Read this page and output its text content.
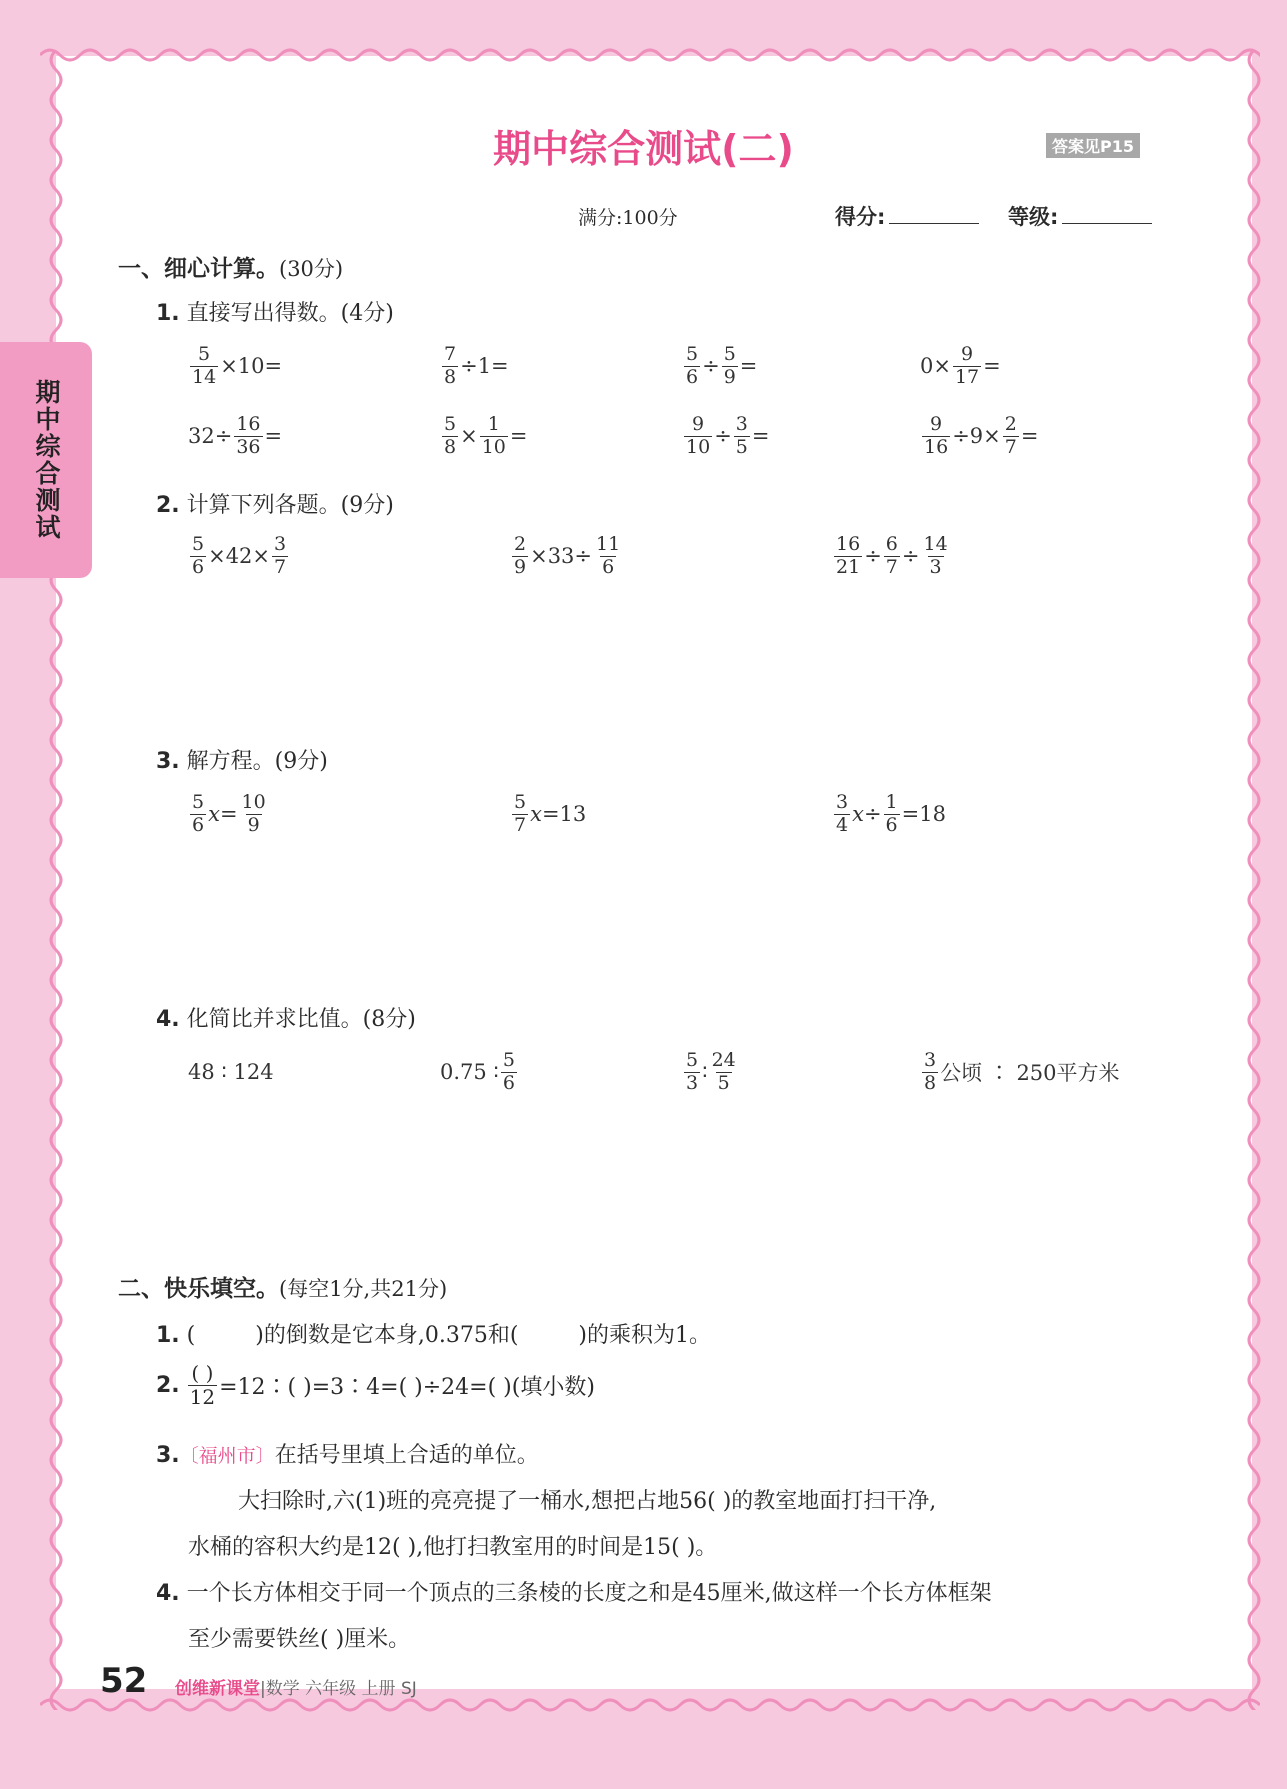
期中综合测试
期中综合测试(二)	答案见P15
满分:100分	得分:	等级:
一、细心计算。(30分)
1. 直接写出得数。(4分)
$\frac{5}{14} \times 10=$	$\frac{7}{8} \div 1=$	$\frac{5}{6} \div \frac{5}{9}$ =	$0\times \frac{9}{17}$ =
$32\div \frac{16}{36}$ =	$\frac{5}{8} \times \frac{1}{10}$ =	$\frac{9}{10} \div \frac{3}{5}$ =	$\frac{9}{16} \div 9\times \frac{2}{7}$ =
2. 计算下列各题。(9分)
$\frac{5}{6} \times 42\times \frac{3}{7}$	$\frac{2}{9} \times 33\div \frac{11}{6}$	$\frac{16}{21} \div \frac{6}{7} \div \frac{14}{3}$
3. 解方程。(9分)
$\frac{5}{6}$ $x = \frac{10}{9}$	$\frac{5}{7}$ x =13	$\frac{3}{4}$ $x \div \frac{1}{6} =18$
4. 化简比并求比值。(8分)
48 ∶ 124	0.75 ∶ $\frac{5}{6}$	$\frac{5}{3}$ ∶ $\frac{24}{5}$	$\frac{3}{8}$ 公顷 ∶ 250平方米
二、快乐填空。(每空1分,共21分)
1. (	)的倒数是它本身,0.375和(	)的乘积为1。
2. $\frac{( )}{12}$ =12∶( )=3∶4=( )÷24=( )(填小数)
3.〔福州市〕在括号里填上合适的单位。
大扫除时,六(1)班的亮亮提了一桶水,想把占地56( )的教室地面打扫干净,
水桶的容积大约是12( ),他打扫教室用的时间是15( )。
4. 一个长方体相交于同一个顶点的三条棱的长度之和是45厘米,做这样一个长方体框架
至少需要铁丝( )厘米。
52 创维新课堂|数学 六年级 上册 SJ
